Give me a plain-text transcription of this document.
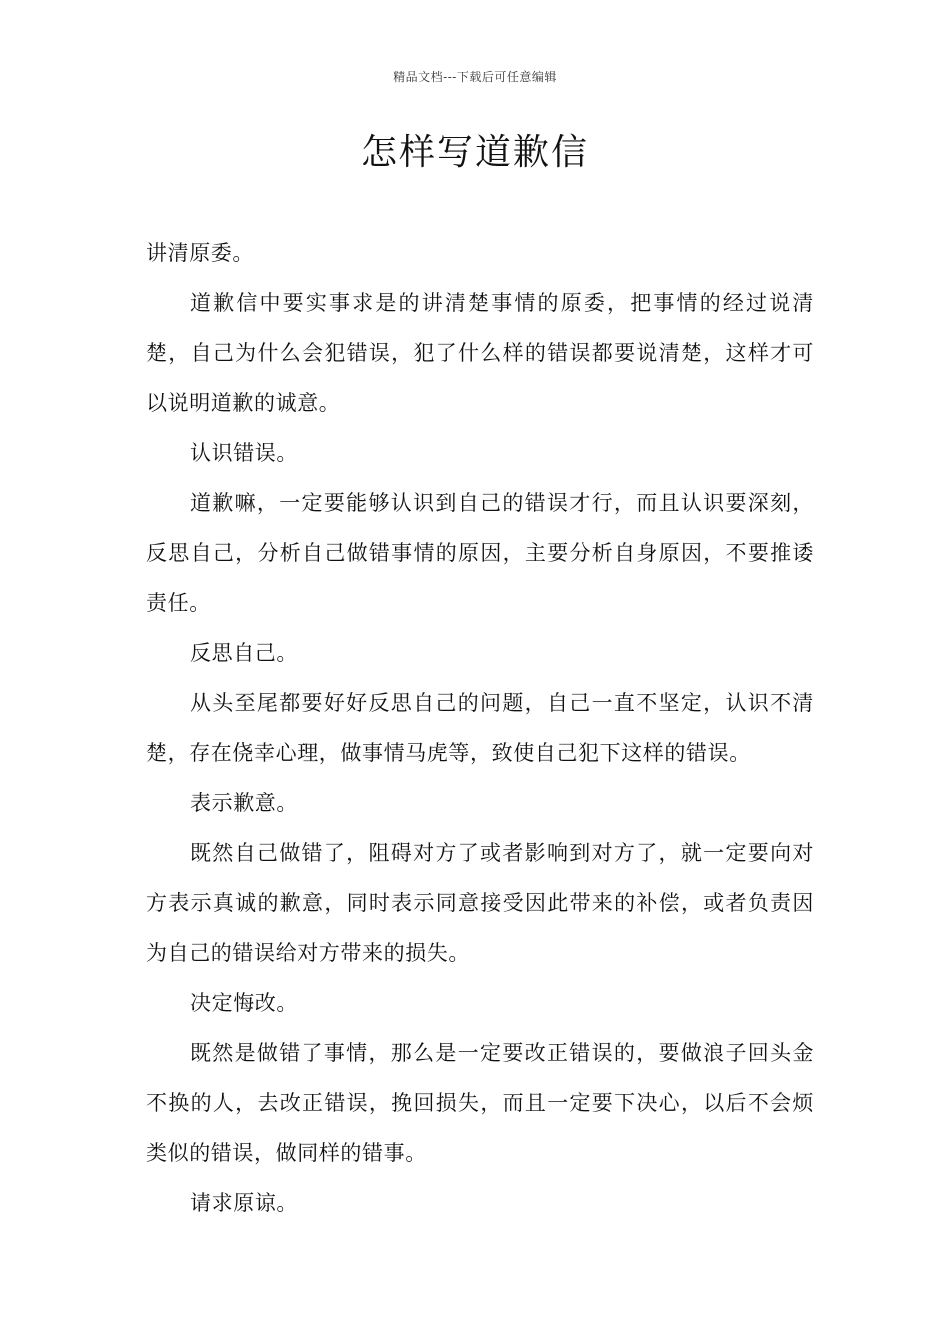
精品文档---下载后可任意编辑
怎样写道歉信

讲清原委。

道歉信中要实事求是的讲清楚事情的原委，把事情的经过说清楚，自己为什么会犯错误，犯了什么样的错误都要说清楚，这样才可以说明道歉的诚意。

认识错误。

道歉嘛，一定要能够认识到自己的错误才行，而且认识要深刻，反思自己，分析自己做错事情的原因，主要分析自身原因，不要推诿责任。

反思自己。

从头至尾都要好好反思自己的问题，自己一直不坚定，认识不清楚，存在侥幸心理，做事情马虎等，致使自己犯下这样的错误。

表示歉意。

既然自己做错了，阻碍对方了或者影响到对方了，就一定要向对方表示真诚的歉意，同时表示同意接受因此带来的补偿，或者负责因为自己的错误给对方带来的损失。

决定悔改。

既然是做错了事情，那么是一定要改正错误的，要做浪子回头金不换的人，去改正错误，挽回损失，而且一定要下决心，以后不会烦类似的错误，做同样的错事。

请求原谅。
